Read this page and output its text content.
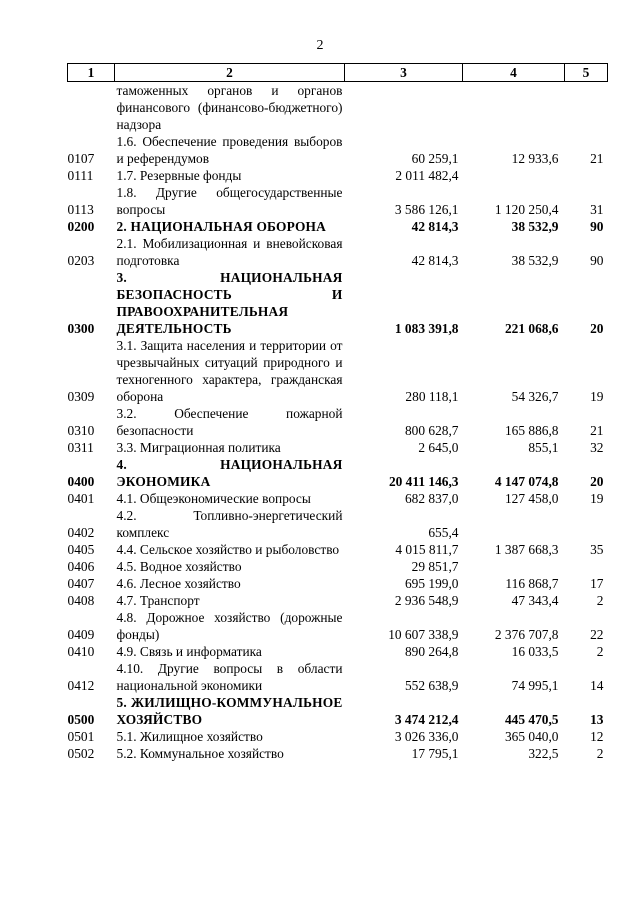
2
1	2	3	4	5
	таможенных органов и органов финансового (финансово-бюджетного) надзора			
0107	1.6. Обеспечение проведения выборов и референдумов	60 259,1	12 933,6	21
0111	1.7. Резервные фонды	2 011 482,4		
0113	1.8. Другие общегосударственные вопросы	3 586 126,1	1 120 250,4	31
0200	2. НАЦИОНАЛЬНАЯ ОБОРОНА	42 814,3	38 532,9	90
0203	2.1. Мобилизационная и вневойсковая подготовка	42 814,3	38 532,9	90
0300	3. НАЦИОНАЛЬНАЯ БЕЗОПАСНОСТЬ И ПРАВООХРАНИТЕЛЬНАЯ ДЕЯТЕЛЬНОСТЬ	1 083 391,8	221 068,6	20
0309	3.1. Защита населения и территории от чрезвычайных ситуаций природного и техногенного характера, гражданская оборона	280 118,1	54 326,7	19
0310	3.2. Обеспечение пожарной безопасности	800 628,7	165 886,8	21
0311	3.3. Миграционная политика	2 645,0	855,1	32
0400	4. НАЦИОНАЛЬНАЯ ЭКОНОМИКА	20 411 146,3	4 147 074,8	20
0401	4.1. Общеэкономические вопросы	682 837,0	127 458,0	19
0402	4.2. Топливно-энергетический комплекс	655,4		
0405	4.4. Сельское хозяйство и рыболовство	4 015 811,7	1 387 668,3	35
0406	4.5. Водное хозяйство	29 851,7		
0407	4.6. Лесное хозяйство	695 199,0	116 868,7	17
0408	4.7. Транспорт	2 936 548,9	47 343,4	2
0409	4.8. Дорожное хозяйство (дорожные фонды)	10 607 338,9	2 376 707,8	22
0410	4.9. Связь и информатика	890 264,8	16 033,5	2
0412	4.10. Другие вопросы в области национальной экономики	552 638,9	74 995,1	14
0500	5. ЖИЛИЩНО-КОММУНАЛЬНОЕ ХОЗЯЙСТВО	3 474 212,4	445 470,5	13
0501	5.1. Жилищное хозяйство	3 026 336,0	365 040,0	12
0502	5.2. Коммунальное хозяйство	17 795,1	322,5	2
